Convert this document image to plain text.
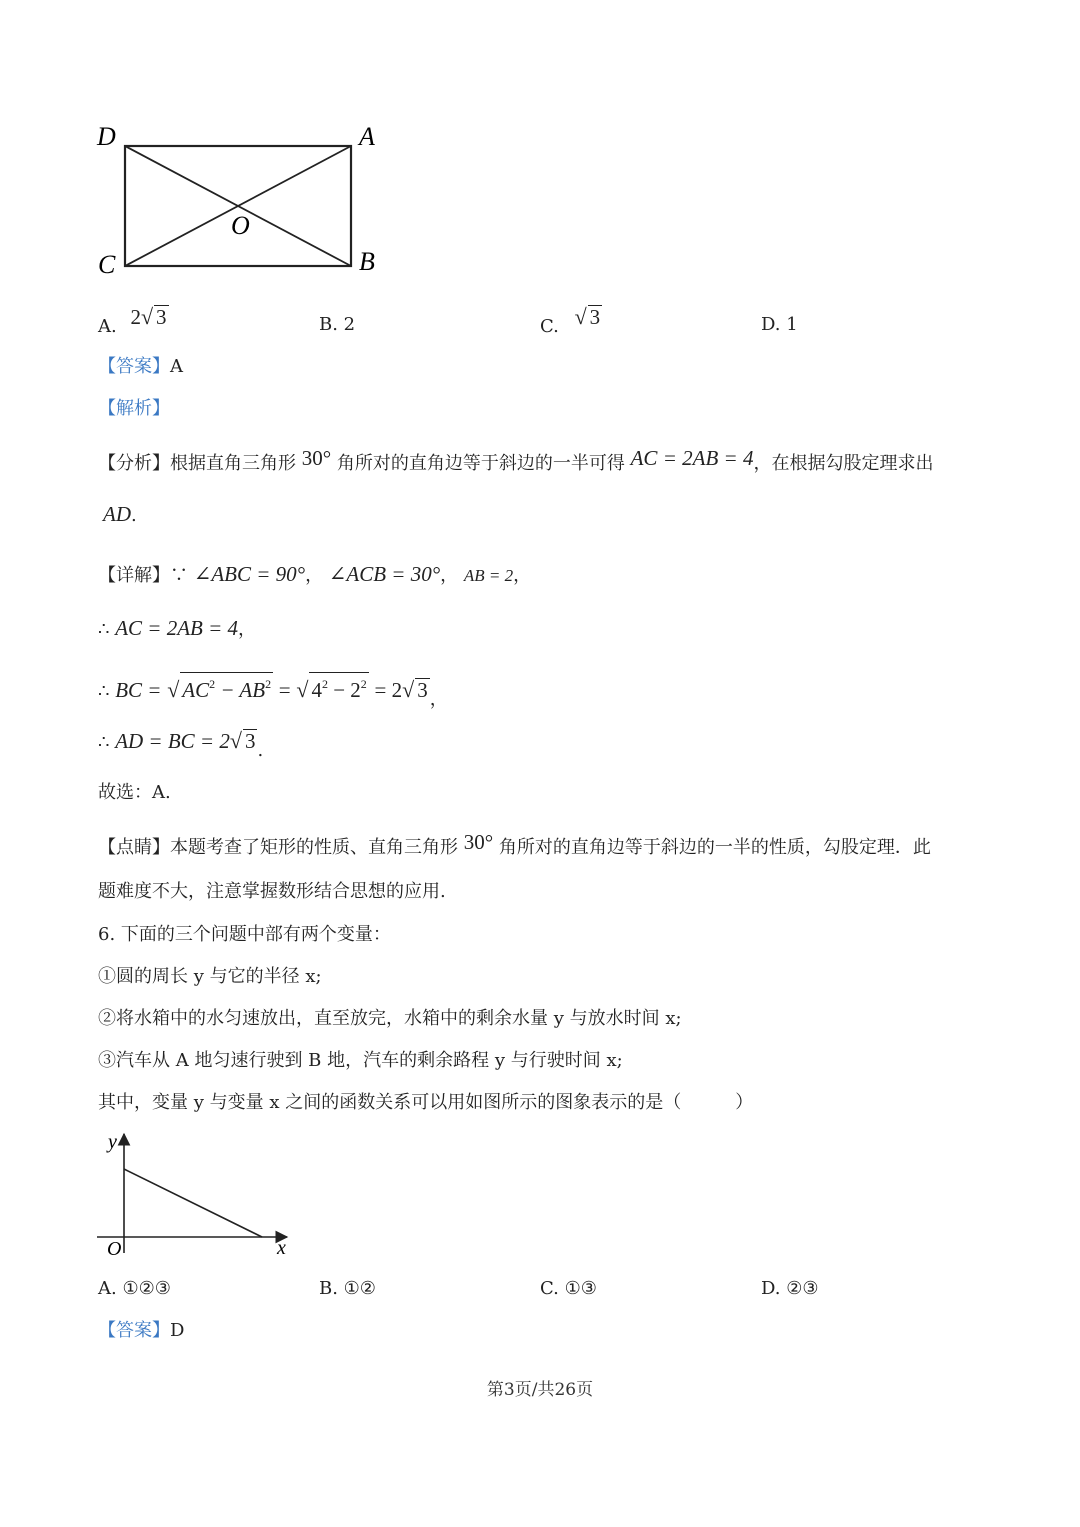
D	A
C	B
O
A. 2√ 3	B. 2	C. √ 3	D. 1
【答案】A
【解析】
【分析】根据直角三角形 30° 角所对的直角边等于斜边的一半可得 AC = 2AB = 4，在根据勾股定理求出
AD.
【详解】∵ ∠ABC = 90°， ∠ACB = 30°， AB = 2，
∴ AC = 2AB = 4，
∴ BC = √ $AC^2 - AB^2$ = √ $4^2 - 2^2 = 2√$ 3 ，
∴ AD = BC = 2√ 3 .
故选：A.
【点睛】本题考查了矩形的性质、直角三角形 30° 角所对的直角边等于斜边的一半的性质，勾股定理．此
题难度不大，注意掌握数形结合思想的应用.
6. 下面的三个问题中部有两个变量：
①圆的周长 y 与它的半径 x;
②将水箱中的水匀速放出，直至放完，水箱中的剩余水量 y 与放水时间 x;
③汽车从 A 地匀速行驶到 B 地，汽车的剩余路程 y 与行驶时间 x;
其中，变量 y 与变量 x 之间的函数关系可以用如图所示的图象表示的是（　　　）
y
x
O
A. ①②③	B. ①②	C. ①③	D. ②③
【答案】D
第3页/共26页
